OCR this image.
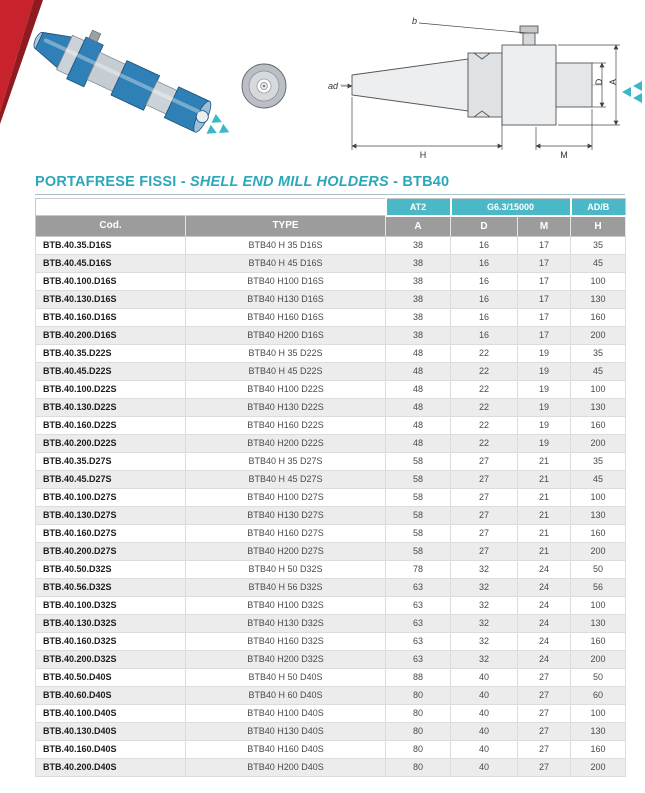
b
ad	D A
H	M
PORTAFRESE FISSI - SHELL END MILL HOLDERS - BTB40
		AT2	G6.3/15000		AD/B
Cod.	TYPE	A	D	M	H
BTB.40.35.D16S	BTB40 H 35 D16S	38	16	17	35
BTB.40.45.D16S	BTB40 H 45 D16S	38	16	17	45
BTB.40.100.D16S	BTB40 H100 D16S	38	16	17	100
BTB.40.130.D16S	BTB40 H130 D16S	38	16	17	130
BTB.40.160.D16S	BTB40 H160 D16S	38	16	17	160
BTB.40.200.D16S	BTB40 H200 D16S	38	16	17	200
BTB.40.35.D22S	BTB40 H 35 D22S	48	22	19	35
BTB.40.45.D22S	BTB40 H 45 D22S	48	22	19	45
BTB.40.100.D22S	BTB40 H100 D22S	48	22	19	100
BTB.40.130.D22S	BTB40 H130 D22S	48	22	19	130
BTB.40.160.D22S	BTB40 H160 D22S	48	22	19	160
BTB.40.200.D22S	BTB40 H200 D22S	48	22	19	200
BTB.40.35.D27S	BTB40 H 35 D27S	58	27	21	35
BTB.40.45.D27S	BTB40 H 45 D27S	58	27	21	45
BTB.40.100.D27S	BTB40 H100 D27S	58	27	21	100
BTB.40.130.D27S	BTB40 H130 D27S	58	27	21	130
BTB.40.160.D27S	BTB40 H160 D27S	58	27	21	160
BTB.40.200.D27S	BTB40 H200 D27S	58	27	21	200
BTB.40.50.D32S	BTB40 H 50 D32S	78	32	24	50
BTB.40.56.D32S	BTB40 H 56 D32S	63	32	24	56
BTB.40.100.D32S	BTB40 H100 D32S	63	32	24	100
BTB.40.130.D32S	BTB40 H130 D32S	63	32	24	130
BTB.40.160.D32S	BTB40 H160 D32S	63	32	24	160
BTB.40.200.D32S	BTB40 H200 D32S	63	32	24	200
BTB.40.50.D40S	BTB40 H 50 D40S	88	40	27	50
BTB.40.60.D40S	BTB40 H 60 D40S	80	40	27	60
BTB.40.100.D40S	BTB40 H100 D40S	80	40	27	100
BTB.40.130.D40S	BTB40 H130 D40S	80	40	27	130
BTB.40.160.D40S	BTB40 H160 D40S	80	40	27	160
BTB.40.200.D40S	BTB40 H200 D40S	80	40	27	200
